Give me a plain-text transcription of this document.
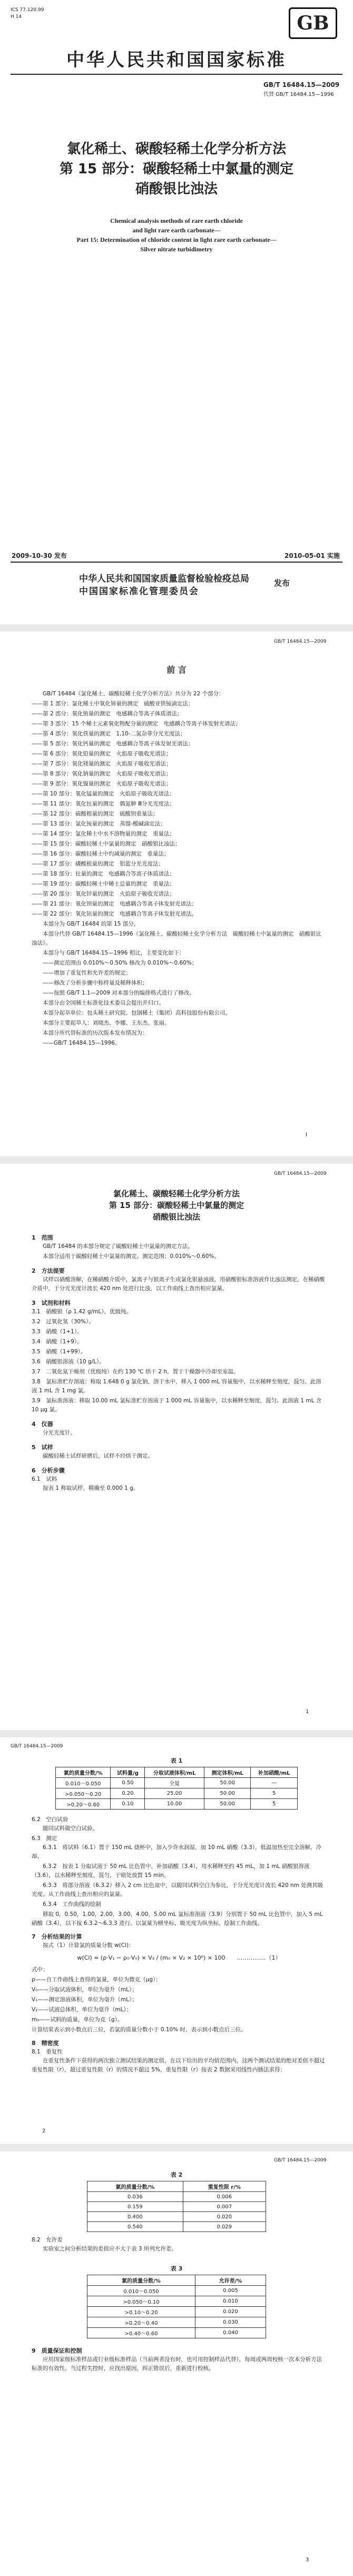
ICS 77.120.99
H 14	GB
中华人民共和国国家标准
GB/T 16484.15—2009
代替 GB/T 16484.15—1996
氯化稀土、碳酸轻稀土化学分析方法
第 15 部分：碳酸轻稀土中氯量的测定
硝酸银比浊法
Chemical analysis methods of rare earth chloride
and light rare earth carbonate—
Part 15: Determination of chloride content in light rare earth carbonate—
Silver nitrate turbidimetry
2009-10-30 发布	2010-05-01 实施
中华人民共和国国家质量监督检验检疫总局
中国国家标准化管理委员会
发布
GB/T 16484.15—2009
前 言

GB/T 16484《氯化稀土、碳酸轻稀土化学分析方法》共分为 22 个部分：

——第 1 部分：氯化稀土中氧化铈量的测定　硫酸亚铁铵滴定法；
——第 2 部分：氧化铕量的测定　电感耦合等离子体质谱法；
——第 3 部分：15 个稀土元素氧化物配分量的测定　电感耦合等离子体发射光谱法；
——第 4 部分：氧化铁量的测定　1,10-二氮杂菲分光光度法；
——第 5 部分：氧化钙量的测定　电感耦合等离子体发射光谱法；
——第 6 部分：氧化铅量的测定　火焰原子吸收光谱法；
——第 7 部分：氧化镁量的测定　火焰原子吸收光谱法；
——第 8 部分：氧化钠量的测定　火焰原子吸收光谱法；
——第 9 部分：氧化镍量的测定　火焰原子吸收光谱法；
——第 10 部分：氧化锰量的测定　火焰原子吸收光谱法；
——第 11 部分：氧化钍量的测定　偶氮胂 Ⅲ分光光度法；
——第 12 部分：硫酸根量的测定　硫酸钡重量法；
——第 13 部分：氯化铵量的测定　蒸馏-酸碱滴定法；
——第 14 部分：氯化稀土中水不溶物量的测定　重量法；
——第 15 部分：碳酸轻稀土中氯量的测定　硝酸银比浊法；
——第 16 部分：碳酸轻稀土中灼减量的测定　重量法；
——第 17 部分：磷酸根量的测定　钼蓝分光光度法；
——第 18 部分：钍量的测定　电感耦合等离子体质谱法；
——第 19 部分：碳酸轻稀土中稀土总量的测定　重量法；
——第 20 部分：氧化锌量的测定　火焰原子吸收光谱法；
——第 21 部分：氧化钡量的测定　电感耦合等离子体发射光谱法；
——第 22 部分：氧化钴量的测定　电感耦合等离子体发射光谱法。

本部分为 GB/T 16484 的第 15 部分。

本部分代替 GB/T 16484.15—1996《氯化稀土、碳酸轻稀土化学分析方法　碳酸轻稀土中氯量的测定　硝酸银比浊法》。

本部分与 GB/T 16484.15—1996 相比，主要变化如下：

——测定范围由 0.010%～0.50% 修改为 0.010%～0.60%；

——增加了重复性和允许差的规定；

——修改了分析步骤中称样量及稀释体积；

——按照 GB/T 1.1—2009 对本部分的编排格式进行了修改。

本部分由全国稀土标准化技术委员会提出并归口。

本部分起草单位：包头稀土研究院、包钢稀土（集团）高科技股份有限公司。

本部分主要起草人：刘晓杰、李娜、王东杰、张丽。

本部分所代替标准的历次版本发布情况为：

——GB/T 16484.15—1996。

I
GB/T 16484.15—2009
氯化稀土、碳酸轻稀土化学分析方法
第 15 部分：碳酸轻稀土中氯量的测定
硝酸银比浊法
1　范围

GB/T 16484 的本部分规定了碳酸轻稀土中氯量的测定方法。

本部分适用于碳酸轻稀土中氯量的测定。测定范围：0.010%～0.60%。

2　方法提要

试样以硝酸溶解，在稀硝酸介质中，氯离子与银离子生成氯化银悬浊液，用硝酸银标准溶液作比浊法测定，在稀硝酸介质中，于分光光度计波长 420 nm 处进行比浊，以工作曲线上查出相应氯量。

3　试剂和材料
3.1　硝酸银（ρ 1.42 g/mL），优级纯。
3.2　过氧化氢（30%）。
3.3　硝酸（1+1）。
3.4　硝酸（1+9）。
3.5　硝酸（1+99）。
3.6　硝酸银溶液（10 g/L）。
3.7　二氧化氮干燥剂（优级纯）在约 130 ℃ 烘干 2 h，置于干燥器中冷却至室温。
3.8　氯标准贮存溶液：称取 1.648 0 g 氯化钠，溶于水中，移入 1 000 mL 容量瓶中，以水稀释至刻度，混匀。此溶液 1 mL 含 1 mg 氯。
3.9　氯标准溶液：移取 10.00 mL 氯标准贮存溶液于 1 000 mL 容量瓶中，以水稀释至刻度，混匀。此溶液 1 mL 含 10 μg 氯。
4　仪器

分光光度计。

5　试样

碳酸轻稀土试样研磨后，试样不经烘干测定。

6　分析步骤
6.1　试料

按表 1 称取试样，精确至 0.000 1 g。

1
GB/T 16484.15—2009
表 1
氯的质量分数/%	试料量/g	分取试液体积/mL	测定体积/mL	补加硝酸/mL
0.010～0.050	0.50	全量	50.00	—
>0.050～0.20	0.20	25.00	50.00	5
>0.20～0.60	0.10	10.00	50.00	5
6.2　空白试验

随同试料做空白试验。

6.3　测定

6.3.1　将试料（6.1）置于 150 mL 烧杯中，加入少许水润湿，加 10 mL 硝酸（3.3），低温加热至完全溶解，冷却。

6.3.2　按表 1 分取试液于 50 mL 比色管中，补加硝酸（3.4），用水稀释至约 45 mL，加 1 mL 硝酸银溶液（3.6），以水稀释至刻度，混匀，于暗处放置 15 min。

6.3.3　将部分溶液（6.3.2）移入 2 cm 比色皿中，以随同试料空白为参比，于分光光度计波长 420 nm 处测其吸光度。从工作曲线上查出相应的氯量。

6.3.4　工作曲线的绘制

移取 0，0.50，1.00，2.00，3.00，4.00，5.00 mL 氯标准溶液（3.9）分别置于 50 mL 比色管中，加入 5 mL 硝酸（3.4），以下按 6.3.2～6.3.3 进行。以氯量为横坐标，吸光度为纵坐标，绘制工作曲线。

7　分析结果的计算

按式（1）计算氯的质量分数 w(Cl)：

w(Cl) = (ρ·V₁ − ρ₀·V₀) × V₃ / (m₀ × V₂ × 10⁶) × 100　　……………（1）
式中：
ρ——自工作曲线上查得的氯量，单位为微克（μg）；
V₀——分取试液体积，单位为毫升（mL）；
V₁——测定溶液体积，单位为毫升（mL）；
V₂——试液总体积，单位为毫升（mL）；
m₀——试料的质量，单位为克（g）。
计算结果表示到小数点后三位，若氯的质量分数小于 0.10% 时，表示到小数点后三位。
8　精密度
8.1　重复性

在重复性条件下获得的两次独立测试结果的测定值，在以下给出的平均值范围内，这两个测试结果的绝对差值不超过重复性限（r），超过重复性限（r）的情况不超过 5%，重复性限（r）按表 2 数据采用线性内插法求得：

2
GB/T 16484.15—2009
表 2
氯的质量分数/%	重复性限 r/%
0.036	0.006
0.159	0.007
0.400	0.020
0.540	0.029
8.2　允许差

实验室之间分析结果的差值应不大于表 3 所列允许差。

表 3
氯的质量分数/%	允许差/%
0.010～0.050	0.005
>0.050～0.10	0.010
>0.10～0.20	0.020
>0.20～0.40	0.030
>0.40～0.60	0.040
9　质量保证和控制

应用国家级标准样品或行业级标准样品（当前两者没有时，也可用控制样品代替），每周或两周校核一次本分析方法标准的有效性。当过程失控时，应找出原因，纠正错误后，重新进行校核。

3
